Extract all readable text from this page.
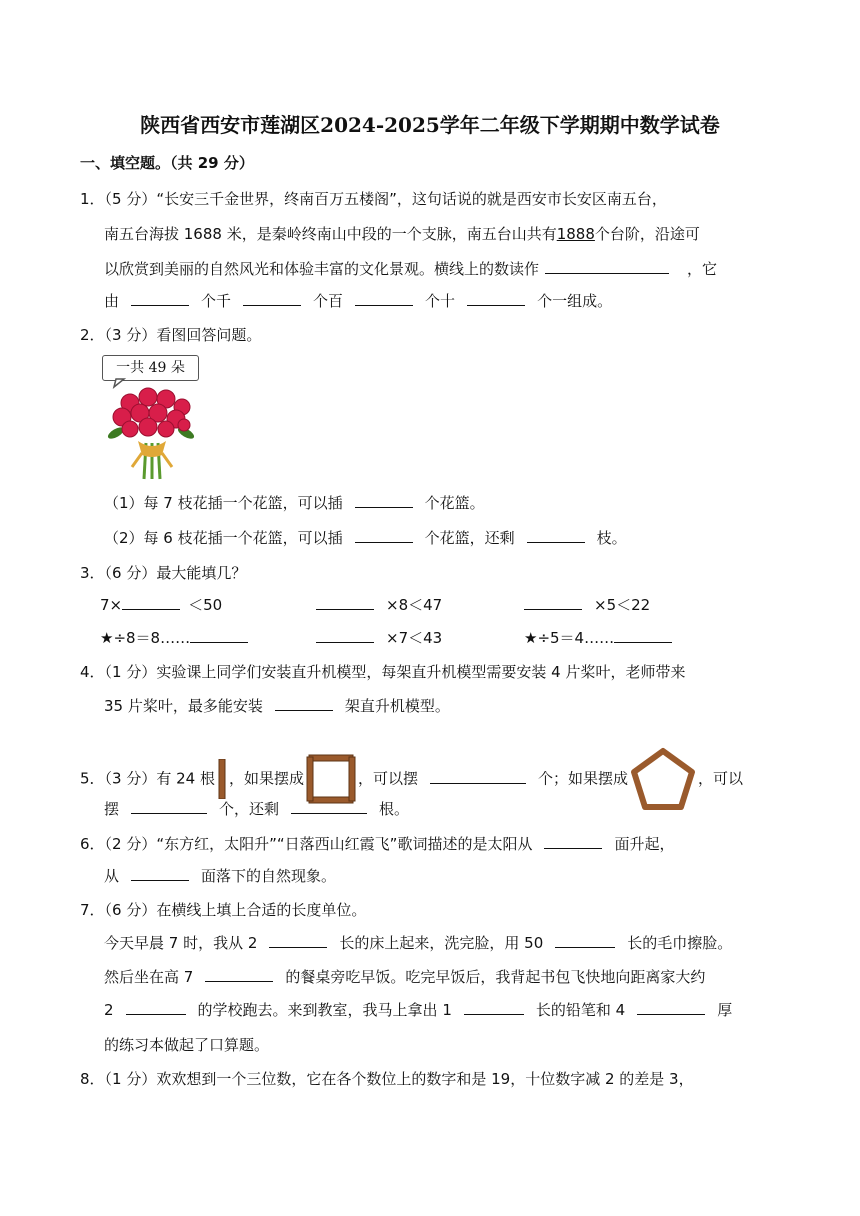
陕西省西安市莲湖区2024-2025学年二年级下学期期中数学试卷
一、填空题。（共 29 分）
1．（5 分）“长安三千金世界，终南百万五楼阁”，这句话说的就是西安市长安区南五台，
南五台海拔 1688 米，是秦岭终南山中段的一个支脉，南五台山共有1888个台阶，沿途可
以欣赏到美丽的自然风光和体验丰富的文化景观。横线上的数读作	，它
由	个千	个百	个十	个一组成。
2．（3 分）看图回答问题。
一共 49 朵
（1）每 7 枝花插一个花篮，可以插	个花篮。
（2）每 6 枝花插一个花篮，可以插	个花篮，还剩	枝。
3．（6 分）最大能填几？
7×	＜50	×8＜47	×5＜22
★÷8＝8……	×7＜43	★÷5＝4……
4．（1 分）实验课上同学们安装直升机模型，每架直升机模型需要安装 4 片桨叶，老师带来
35 片桨叶，最多能安装	架直升机模型。
5．（3 分）有 24 根 ，如果摆成	，可以摆	个；如果摆成	，可以
摆	个，还剩	根。
6．（2 分）“东方红，太阳升”“日落西山红霞飞”歌词描述的是太阳从	面升起，
从	面落下的自然现象。
7．（6 分）在横线上填上合适的长度单位。
今天早晨 7 时，我从 2	长的床上起来，洗完脸，用 50	长的毛巾擦脸。
然后坐在高 7	的餐桌旁吃早饭。吃完早饭后，我背起书包飞快地向距离家大约
2	的学校跑去。来到教室，我马上拿出 1	长的铅笔和 4	厚
的练习本做起了口算题。
8．（1 分）欢欢想到一个三位数，它在各个数位上的数字和是 19，十位数字减 2 的差是 3，
